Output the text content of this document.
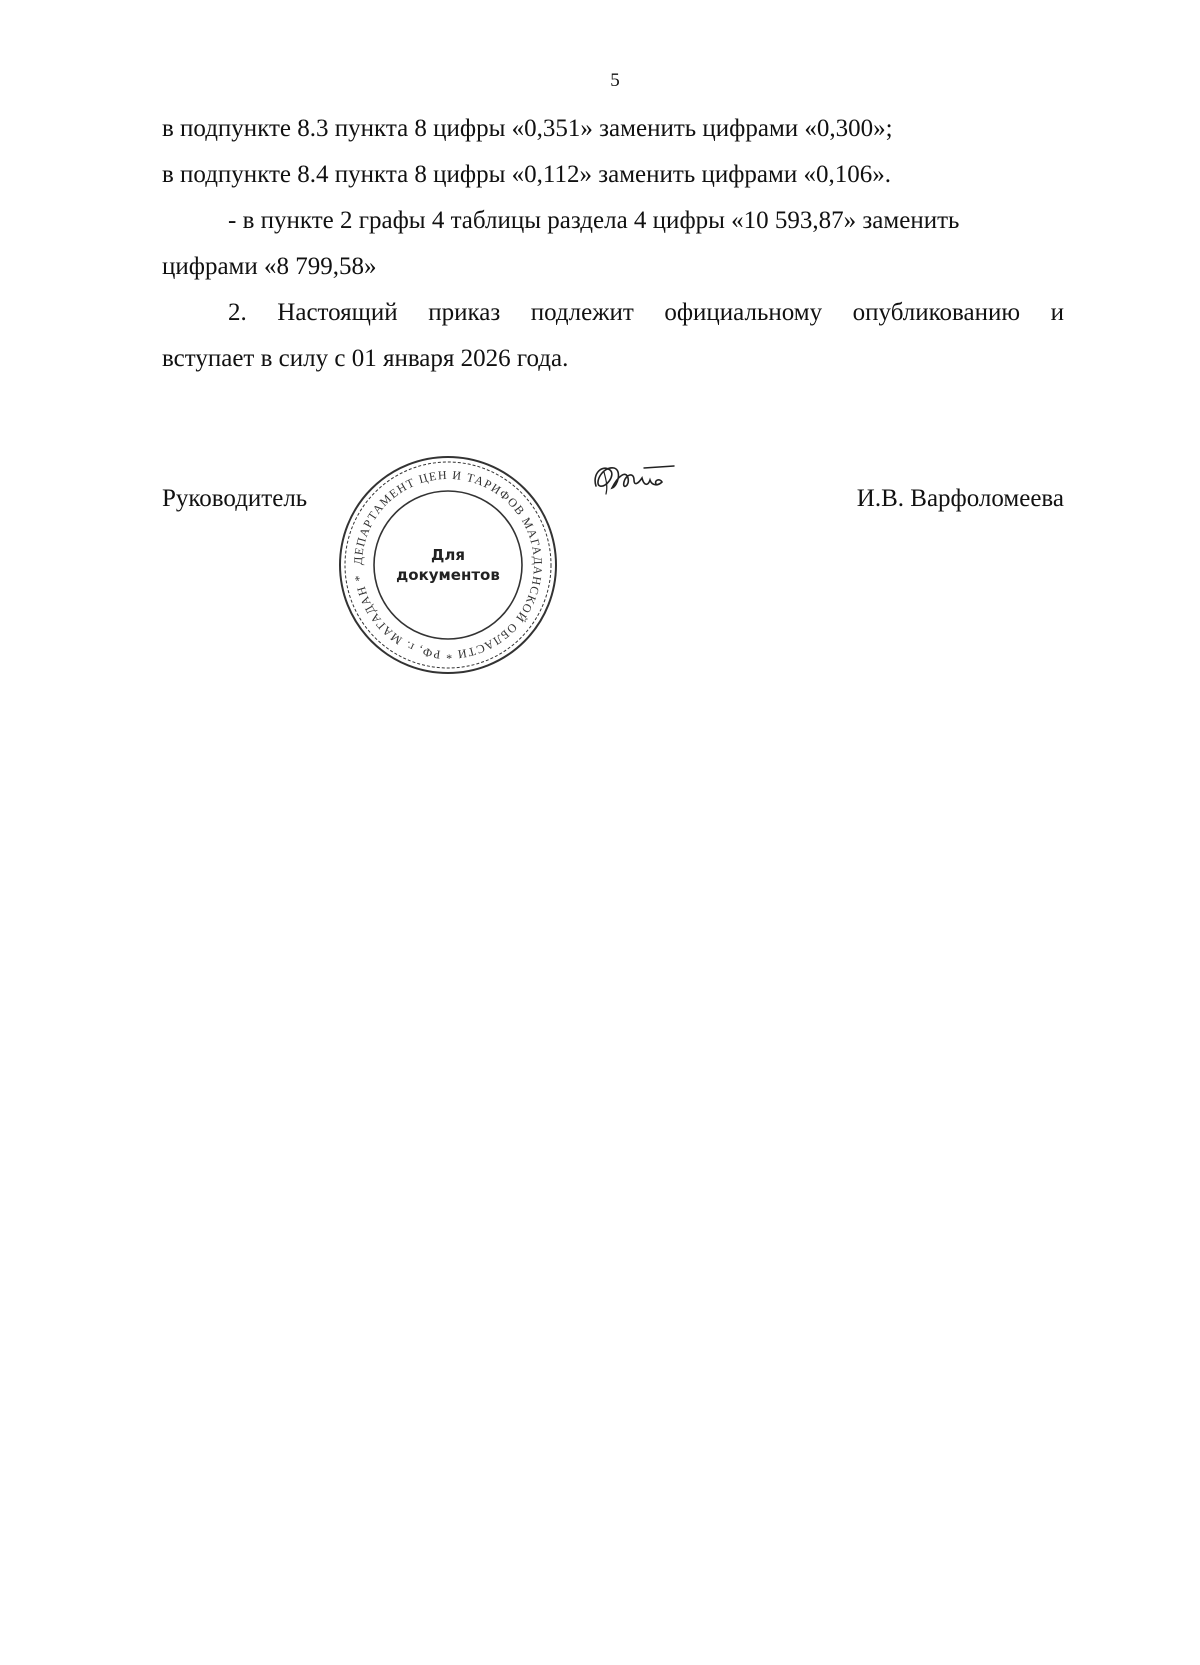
5
в подпункте 8.3 пункта 8 цифры «0,351» заменить цифрами «0,300»;
в подпункте 8.4 пункта 8 цифры «0,112» заменить цифрами «0,106».
- в пункте 2 графы 4 таблицы раздела 4 цифры «10 593,87» заменить
цифрами «8 799,58»
2. Настоящий приказ подлежит официальному опубликованию и
вступает в силу с 01 января 2026 года.
Руководитель
ДЕПАРТАМЕНТ ЦЕН И ТАРИФОВ МАГАДАНСКОЙ ОБЛАСТИ * РФ, г. МАГАДАН *
Для
документов
И.В. Варфоломеева
